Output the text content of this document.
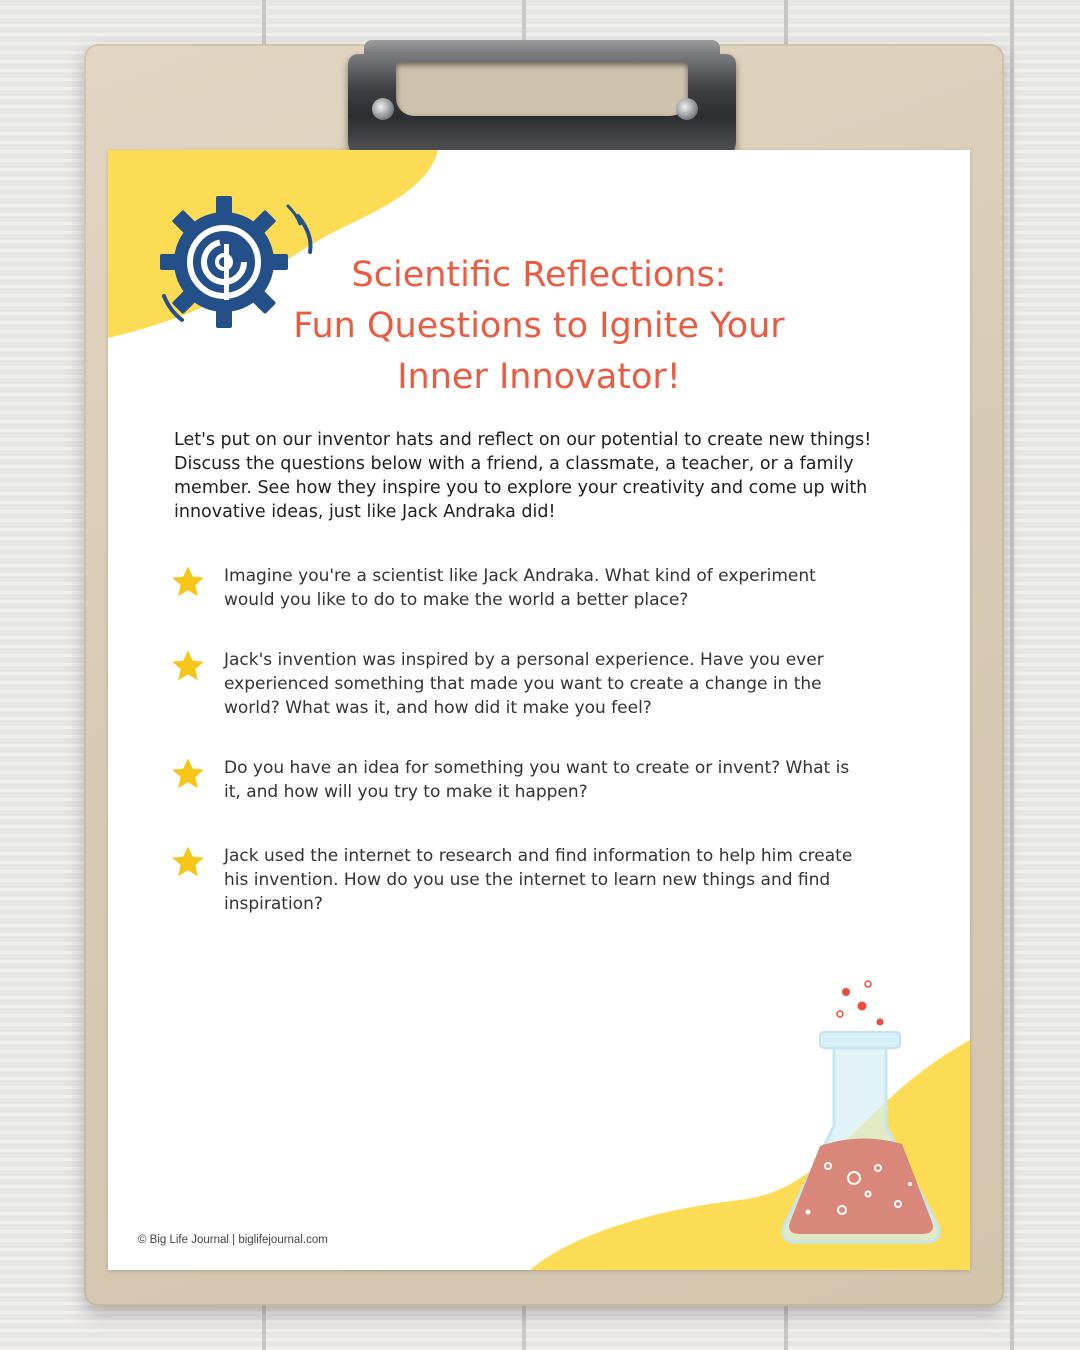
Scientific Reflections:
Fun Questions to Ignite Your
Inner Innovator!
Let's put on our inventor hats and reflect on our potential to create new things! Discuss the questions below with a friend, a classmate, a teacher, or a family member. See how they inspire you to explore your creativity and come up with innovative ideas, just like Jack Andraka did!
Imagine you're a scientist like Jack Andraka. What kind of experiment would you like to do to make the world a better place?
Jack's invention was inspired by a personal experience. Have you ever experienced something that made you want to create a change in the world? What was it, and how did it make you feel?
Do you have an idea for something you want to create or invent? What is it, and how will you try to make it happen?
Jack used the internet to research and find information to help him create his invention. How do you use the internet to learn new things and find inspiration?
© Big Life Journal | biglifejournal.com
